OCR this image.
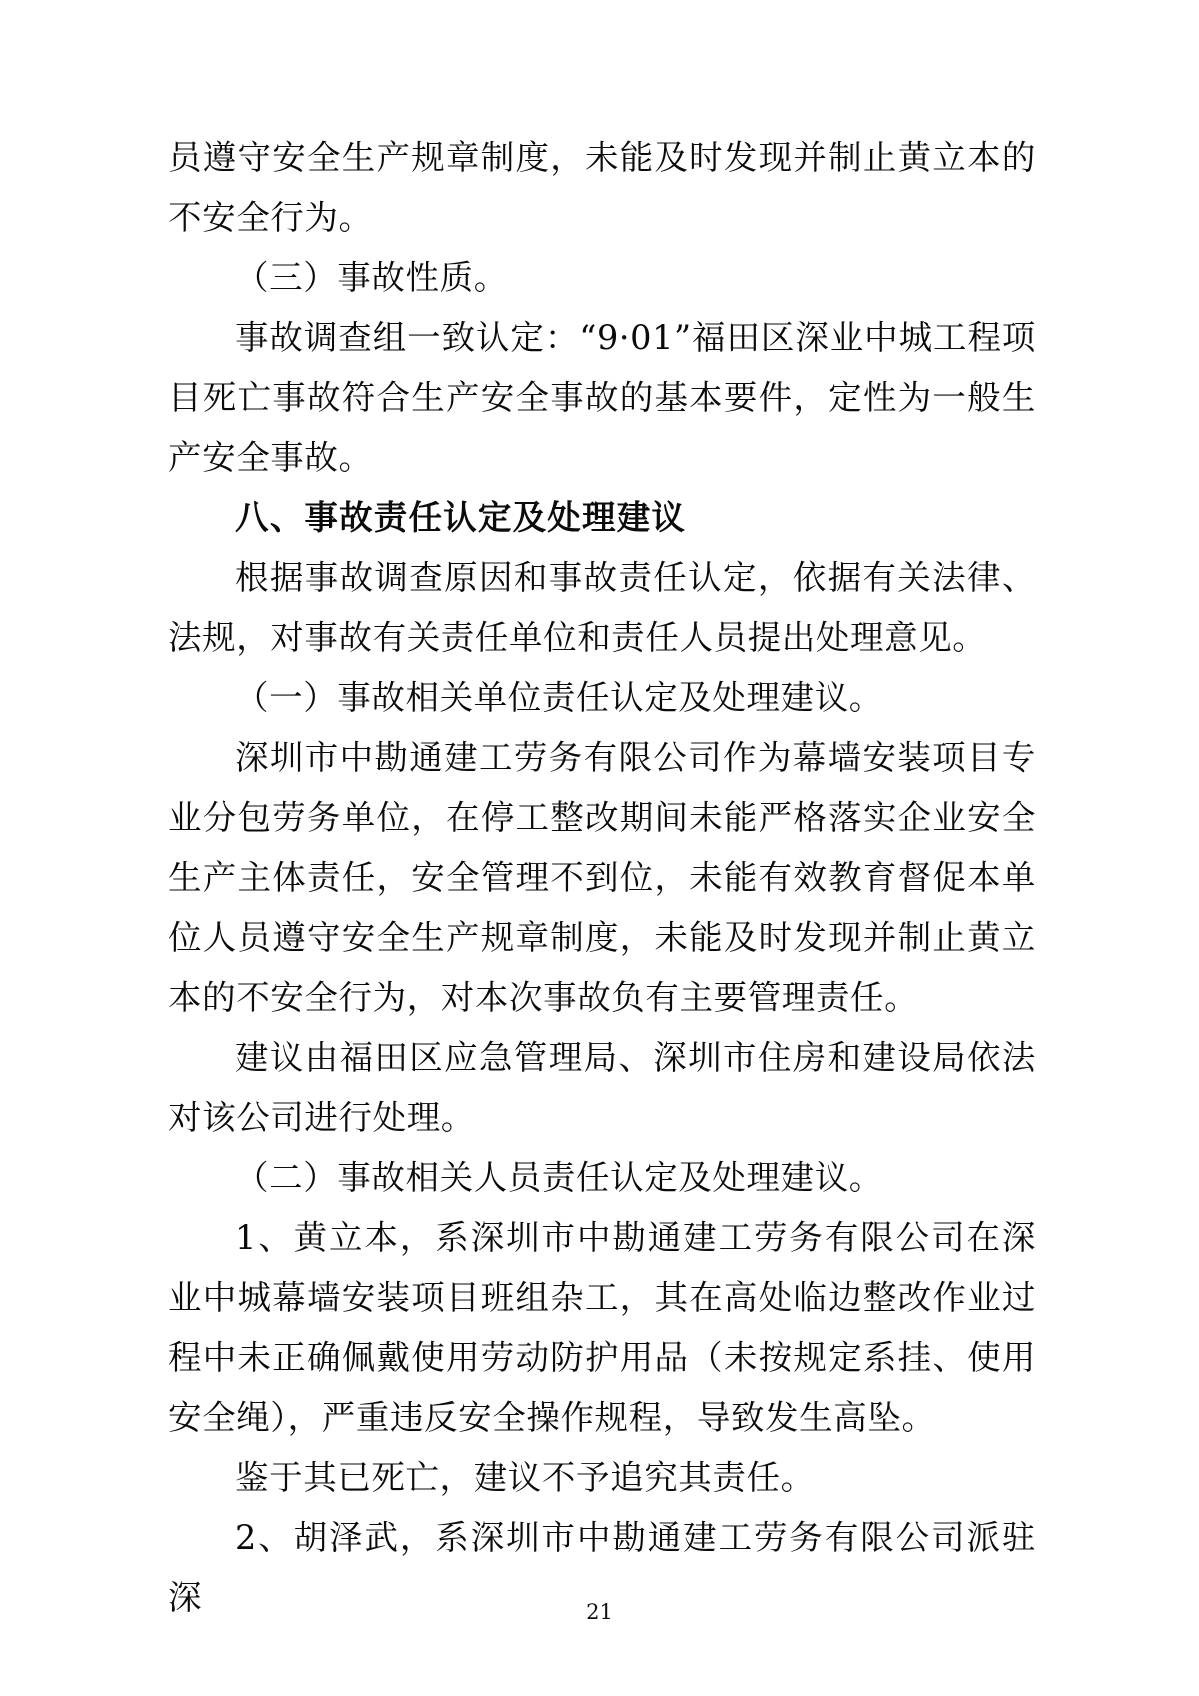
员遵守安全生产规章制度，未能及时发现并制止黄立本的不安全行为。

（三）事故性质。

事故调查组一致认定：“9·01”福田区深业中城工程项目死亡事故符合生产安全事故的基本要件，定性为一般生产安全事故。

八、事故责任认定及处理建议

根据事故调查原因和事故责任认定，依据有关法律、法规，对事故有关责任单位和责任人员提出处理意见。

（一）事故相关单位责任认定及处理建议。

深圳市中勘通建工劳务有限公司作为幕墙安装项目专业分包劳务单位，在停工整改期间未能严格落实企业安全生产主体责任，安全管理不到位，未能有效教育督促本单位人员遵守安全生产规章制度，未能及时发现并制止黄立本的不安全行为，对本次事故负有主要管理责任。

建议由福田区应急管理局、深圳市住房和建设局依法对该公司进行处理。

（二）事故相关人员责任认定及处理建议。

1、黄立本，系深圳市中勘通建工劳务有限公司在深业中城幕墙安装项目班组杂工，其在高处临边整改作业过程中未正确佩戴使用劳动防护用品（未按规定系挂、使用安全绳），严重违反安全操作规程，导致发生高坠。

鉴于其已死亡，建议不予追究其责任。

2、胡泽武，系深圳市中勘通建工劳务有限公司派驻深	21
